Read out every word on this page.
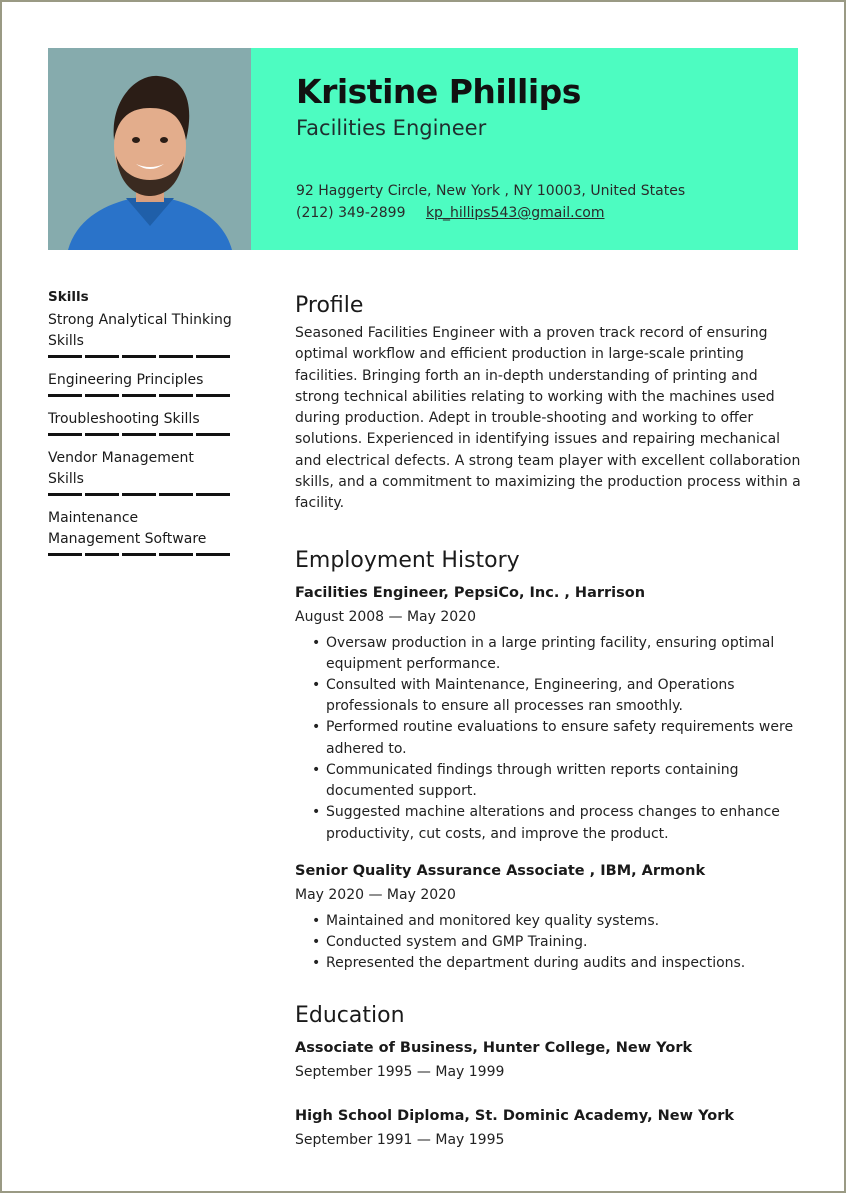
Kristine Phillips
Facilities Engineer
92 Haggerty Circle, New York , NY 10003, United States
(212) 349-2899 kp_hillips543@gmail.com
Skills
Strong Analytical Thinking Skills
Engineering Principles
Troubleshooting Skills
Vendor Management Skills
Maintenance Management Software
Profile

Seasoned Facilities Engineer with a proven track record of ensuring optimal workflow and efficient production in large-scale printing facilities. Bringing forth an in-depth understanding of printing and strong technical abilities relating to working with the machines used during production. Adept in trouble-shooting and working to offer solutions. Experienced in identifying issues and repairing mechanical and electrical defects. A strong team player with excellent collaboration skills, and a commitment to maximizing the production process within a facility.

Employment History
Facilities Engineer, PepsiCo, Inc. , Harrison
August 2008 — May 2020
• Oversaw production in a large printing facility, ensuring optimal equipment performance.
• Consulted with Maintenance, Engineering, and Operations professionals to ensure all processes ran smoothly.
• Performed routine evaluations to ensure safety requirements were adhered to.
• Communicated findings through written reports containing documented support.
• Suggested machine alterations and process changes to enhance productivity, cut costs, and improve the product.
Senior Quality Assurance Associate , IBM, Armonk
May 2020 — May 2020
• Maintained and monitored key quality systems.
• Conducted system and GMP Training.
• Represented the department during audits and inspections.
Education
Associate of Business, Hunter College, New York
September 1995 — May 1999
High School Diploma, St. Dominic Academy, New York
September 1991 — May 1995
